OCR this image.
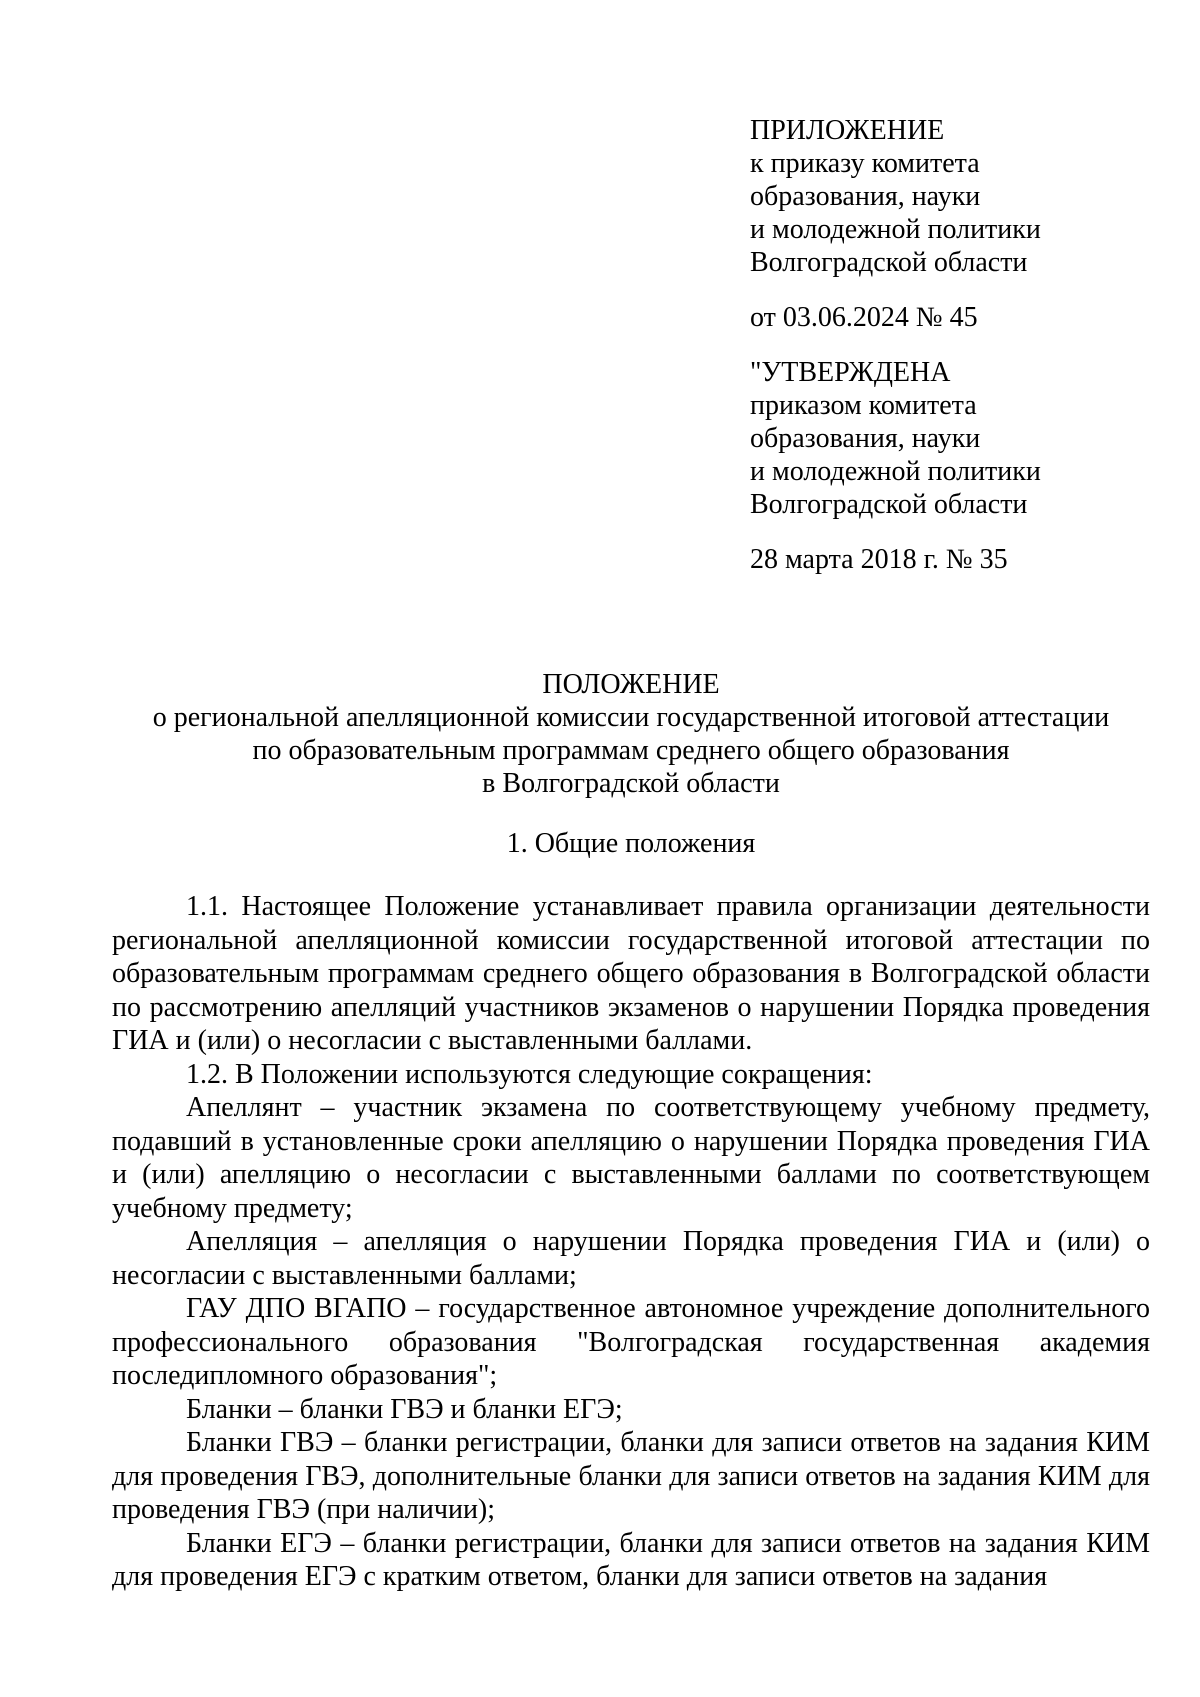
ПРИЛОЖЕНИЕ
к приказу комитета
образования, науки
и молодежной политики
Волгоградской области
от 03.06.2024 № 45
"УТВЕРЖДЕНА
приказом комитета
образования, науки
и молодежной политики
Волгоградской области
28 марта 2018 г. № 35
ПОЛОЖЕНИЕ
о региональной апелляционной комиссии государственной итоговой аттестации
по образовательным программам среднего общего образования
в Волгоградской области
1. Общие положения

1.1. Настоящее Положение устанавливает правила организации деятельности региональной апелляционной комиссии государственной итоговой аттестации по образовательным программам среднего общего образования в Волгоградской области по рассмотрению апелляций участников экзаменов о нарушении Порядка проведения ГИА и (или) о несогласии с выставленными баллами.

1.2. В Положении используются следующие сокращения:

Апеллянт – участник экзамена по соответствующему учебному предмету, подавший в установленные сроки апелляцию о нарушении Порядка проведения ГИА и (или) апелляцию о несогласии с выставленными баллами по соответствующем учебному предмету;

Апелляция – апелляция о нарушении Порядка проведения ГИА и (или) о несогласии с выставленными баллами;

ГАУ ДПО ВГАПО – государственное автономное учреждение дополнительного профессионального образования "Волгоградская государственная академия последипломного образования";

Бланки – бланки ГВЭ и бланки ЕГЭ;

Бланки ГВЭ – бланки регистрации, бланки для записи ответов на задания КИМ для проведения ГВЭ, дополнительные бланки для записи ответов на задания КИМ для проведения ГВЭ (при наличии);

Бланки ЕГЭ – бланки регистрации, бланки для записи ответов на задания КИМ для проведения ЕГЭ с кратким ответом, бланки для записи ответов на задания
